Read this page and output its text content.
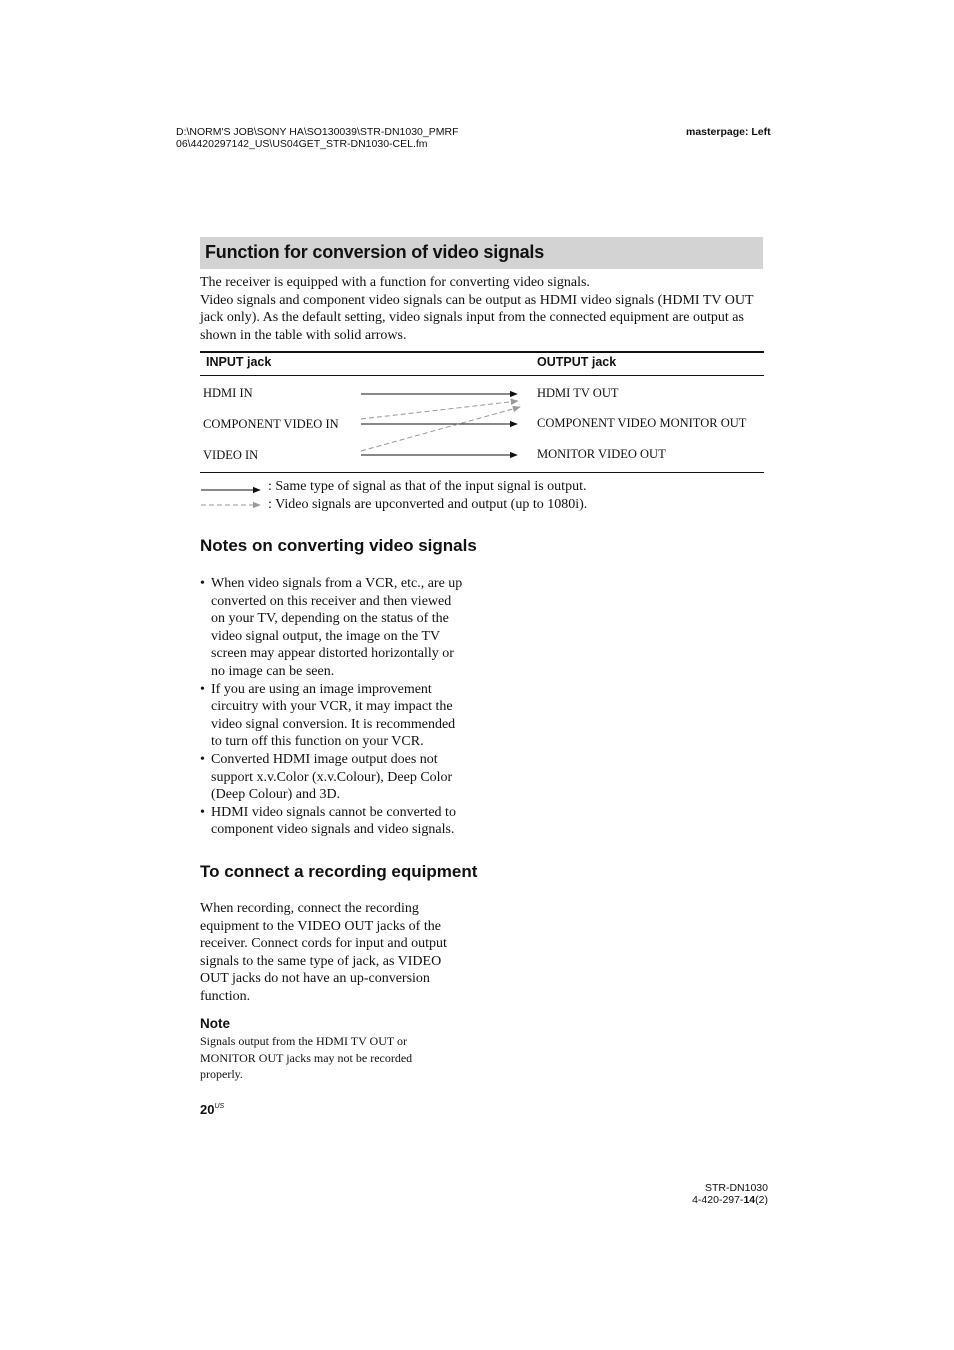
D:\NORM'S JOB\SONY HA\SO130039\STR-DN1030_PMRF
06\4420297142_US\US04GET_STR-DN1030-CEL.fm
masterpage: Left
Function for conversion of video signals

The receiver is equipped with a function for converting video signals.

Video signals and component video signals can be output as HDMI video signals (HDMI TV OUT jack only). As the default setting, video signals input from the connected equipment are output as shown in the table with solid arrows.

INPUT jack	OUTPUT jack
HDMI IN
COMPONENT VIDEO IN
VIDEO IN
HDMI TV OUT
COMPONENT VIDEO MONITOR OUT
MONITOR VIDEO OUT
: Same type of signal as that of the input signal is output.
: Video signals are upconverted and output (up to 1080i).
Notes on converting video signals
• When video signals from a VCR, etc., are up converted on this receiver and then viewed on your TV, depending on the status of the video signal output, the image on the TV screen may appear distorted horizontally or no image can be seen.
• If you are using an image improvement circuitry with your VCR, it may impact the video signal conversion. It is recommended to turn off this function on your VCR.
• Converted HDMI image output does not support x.v.Color (x.v.Colour), Deep Color (Deep Colour) and 3D.
• HDMI video signals cannot be converted to component video signals and video signals.
To connect a recording equipment
When recording, connect the recording equipment to the VIDEO OUT jacks of the receiver. Connect cords for input and output signals to the same type of jack, as VIDEO OUT jacks do not have an up-conversion function.
Note
Signals output from the HDMI TV OUT or MONITOR OUT jacks may not be recorded properly.
$20^{US}$
STR-DN1030
4-420-297-14(2)
